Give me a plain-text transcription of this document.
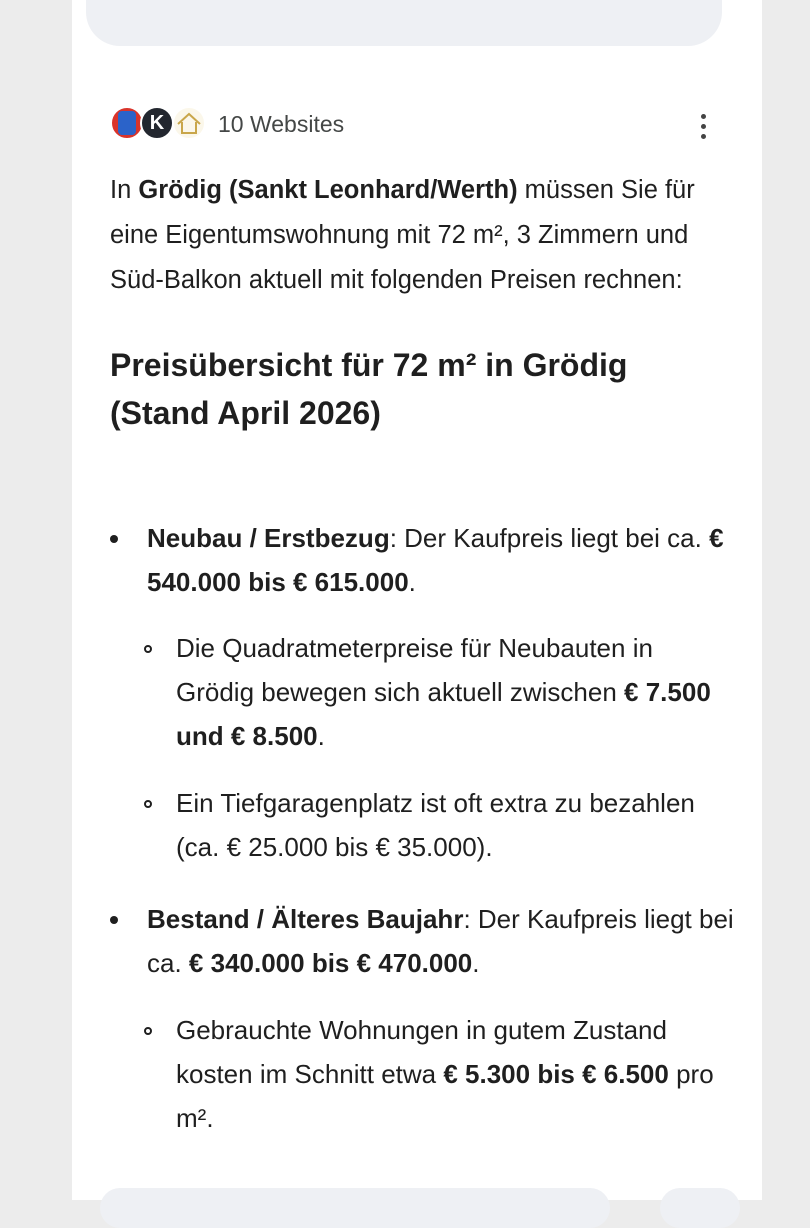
K	10 Websites

In Grödig (Sankt Leonhard/Werth) müssen Sie für eine Eigentumswohnung mit 72 m², 3 Zimmern und Süd-Balkon aktuell mit folgenden Preisen rechnen:

Preisübersicht für 72 m² in Grödig (Stand April 2026)

Neubau / Erstbezug: Der Kaufpreis liegt bei ca. € 540.000 bis € 615.000.

Die Quadratmeterpreise für Neubauten in Grödig bewegen sich aktuell zwischen € 7.500 und € 8.500.

Ein Tiefgaragenplatz ist oft extra zu bezahlen (ca. € 25.000 bis € 35.000).

Bestand / Älteres Baujahr: Der Kaufpreis liegt bei ca. € 340.000 bis € 470.000.

Gebrauchte Wohnungen in gutem Zustand kosten im Schnitt etwa € 5.300 bis € 6.500 pro m².
